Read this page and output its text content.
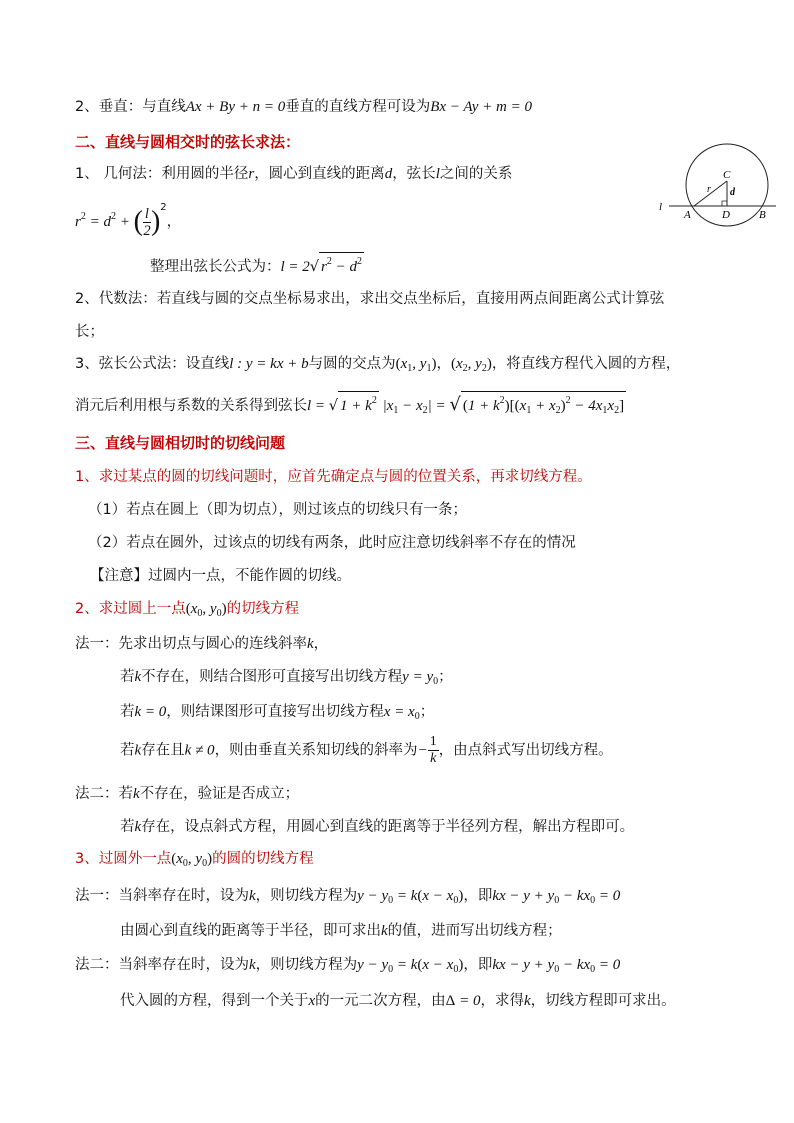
2、垂直：与直线Ax + By + n = 0垂直的直线方程可设为Bx − Ay + m = 0
二、直线与圆相交时的弦长求法：
1、 几何法：利用圆的半径r，圆心到直线的距离d，弦长l之间的关系
$r^2 = d^2$ + ( $\frac{l}{2} )^2$，
整理出弦长公式为：l = 2√ $r^2 - d^2$
2、代数法：若直线与圆的交点坐标易求出，求出交点坐标后，直接用两点间距离公式计算弦
长；
3、弦长公式法：设直线l : y = kx + b与圆的交点为($x_1$, $y_1$)，($x_2$, $y_2$)，将直线方程代入圆的方程，
消元后利用根与系数的关系得到弦长l = √ $1 + k^2$ $|x_1 - x_2|$ = √ $(1 + k^2)[(x_1 + x_2)^2 - 4x_1x_2]$
三、直线与圆相切时的切线问题
1、求过某点的圆的切线问题时，应首先确定点与圆的位置关系，再求切线方程。
（1）若点在圆上（即为切点），则过该点的切线只有一条；
（2）若点在圆外，过该点的切线有两条，此时应注意切线斜率不存在的情况
【注意】过圆内一点，不能作圆的切线。
2、求过圆上一点($x_0$, $y_0$)的切线方程
法一：先求出切点与圆心的连线斜率k，
若k不存在，则结合图形可直接写出切线方程$y = y_0$；
若k = 0，则结课图形可直接写出切线方程$x = x_0$；
若k存在且k ≠ 0，则由垂直关系知切线的斜率为− $\frac{1}{k}$ ，由点斜式写出切线方程。
法二：若k不存在，验证是否成立；
若k存在，设点斜式方程，用圆心到直线的距离等于半径列方程，解出方程即可。
3、过圆外一点($x_0$, $y_0$)的圆的切线方程
法一：当斜率存在时，设为k，则切线方程为$y - y_0 = k(x - x_0)$，即kx − $y + y_0 - kx_0 = 0$
由圆心到直线的距离等于半径，即可求出k的值，进而写出切线方程；
法二：当斜率存在时，设为k，则切线方程为$y - y_0 = k(x - x_0)$，即kx − $y + y_0 - kx_0 = 0$
代入圆的方程，得到一个关于x的一元二次方程，由Δ = 0，求得k，切线方程即可求出。
C
r d
l
A	D	B
